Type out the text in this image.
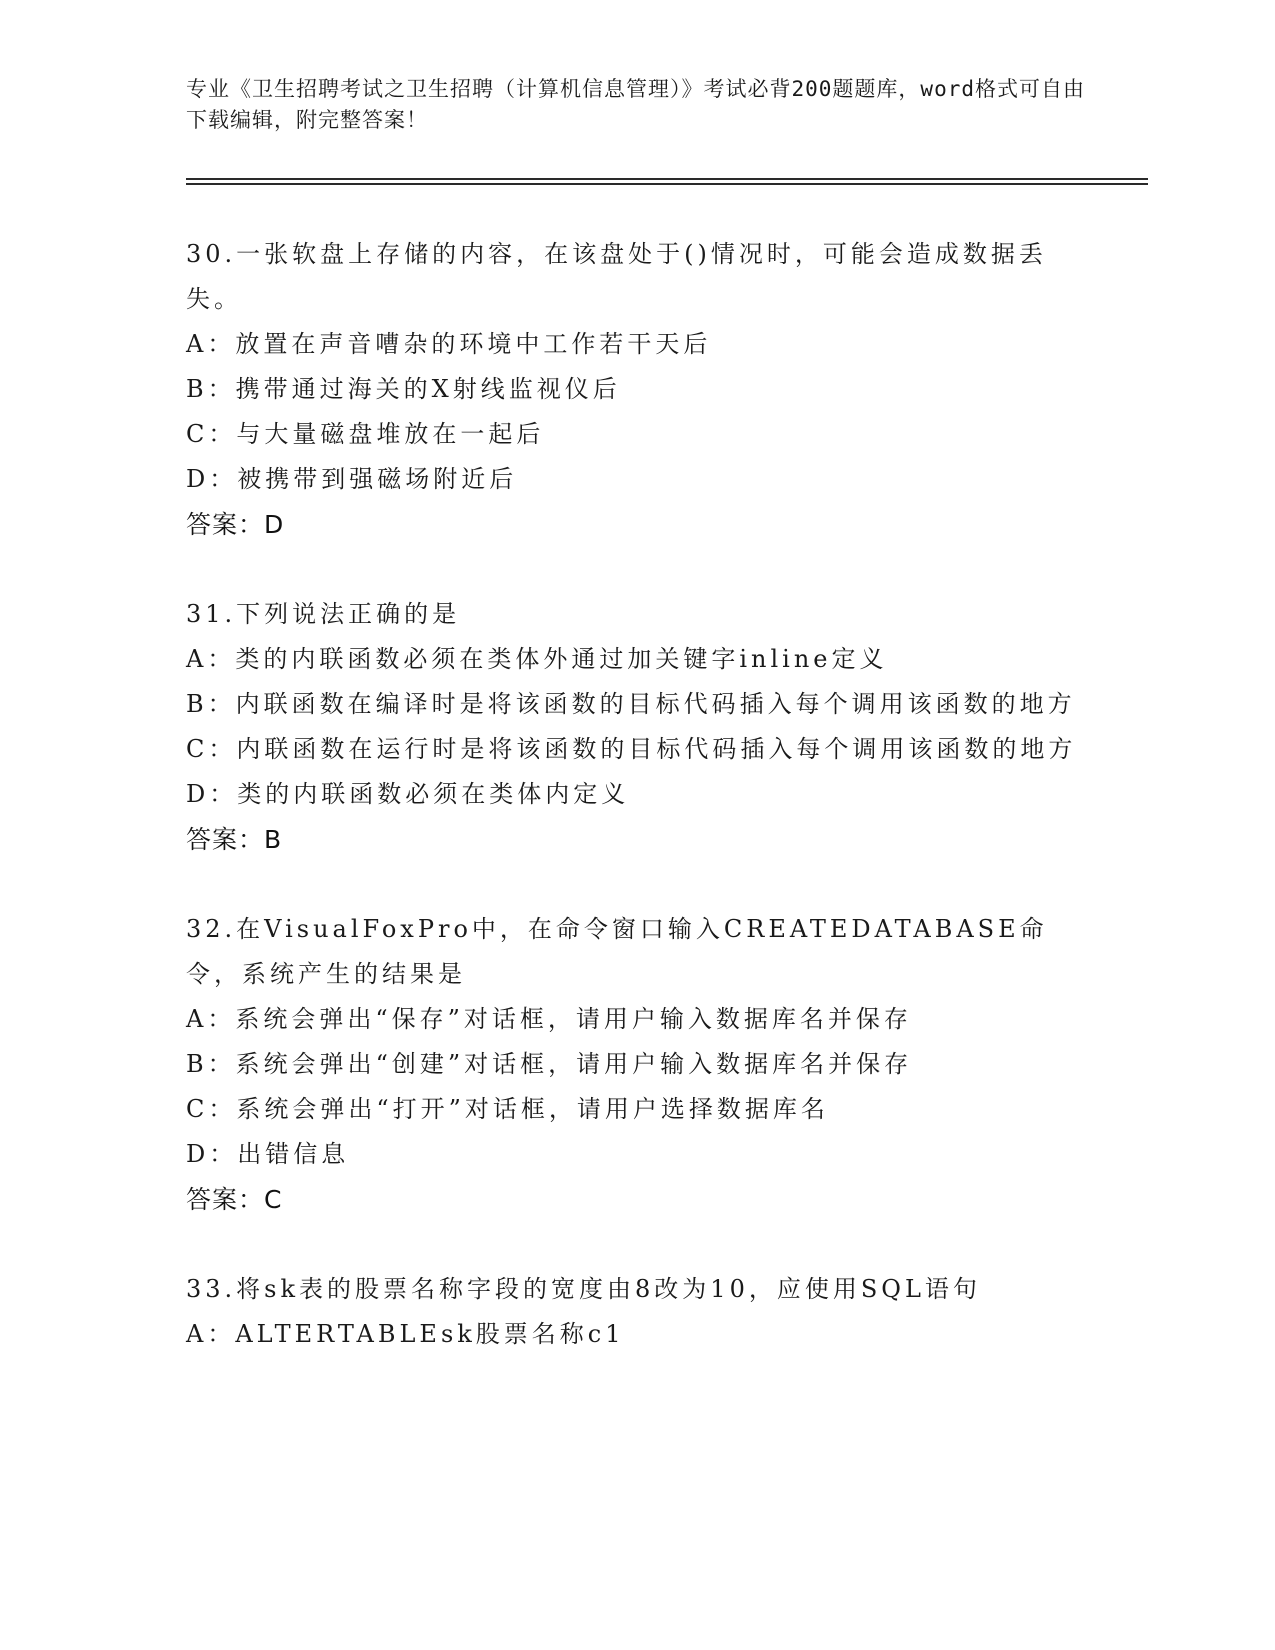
专业《卫生招聘考试之卫生招聘（计算机信息管理）》考试必背200题题库，word格式可自由下载编辑，附完整答案！
30.一张软盘上存储的内容，在该盘处于()情况时，可能会造成数据丢失。
A：放置在声音嘈杂的环境中工作若干天后
B：携带通过海关的X射线监视仪后
C：与大量磁盘堆放在一起后
D：被携带到强磁场附近后
答案：D
31.下列说法正确的是
A：类的内联函数必须在类体外通过加关键字inline定义
B：内联函数在编译时是将该函数的目标代码插入每个调用该函数的地方
C：内联函数在运行时是将该函数的目标代码插入每个调用该函数的地方
D：类的内联函数必须在类体内定义
答案：B
32.在VisualFoxPro中，在命令窗口输入CREATEDATABASE命令，系统产生的结果是
A：系统会弹出“保存”对话框，请用户输入数据库名并保存
B：系统会弹出“创建”对话框，请用户输入数据库名并保存
C：系统会弹出“打开”对话框，请用户选择数据库名
D：出错信息
答案：C
33.将sk表的股票名称字段的宽度由8改为10，应使用SQL语句
A：ALTERTABLEsk股票名称c1
